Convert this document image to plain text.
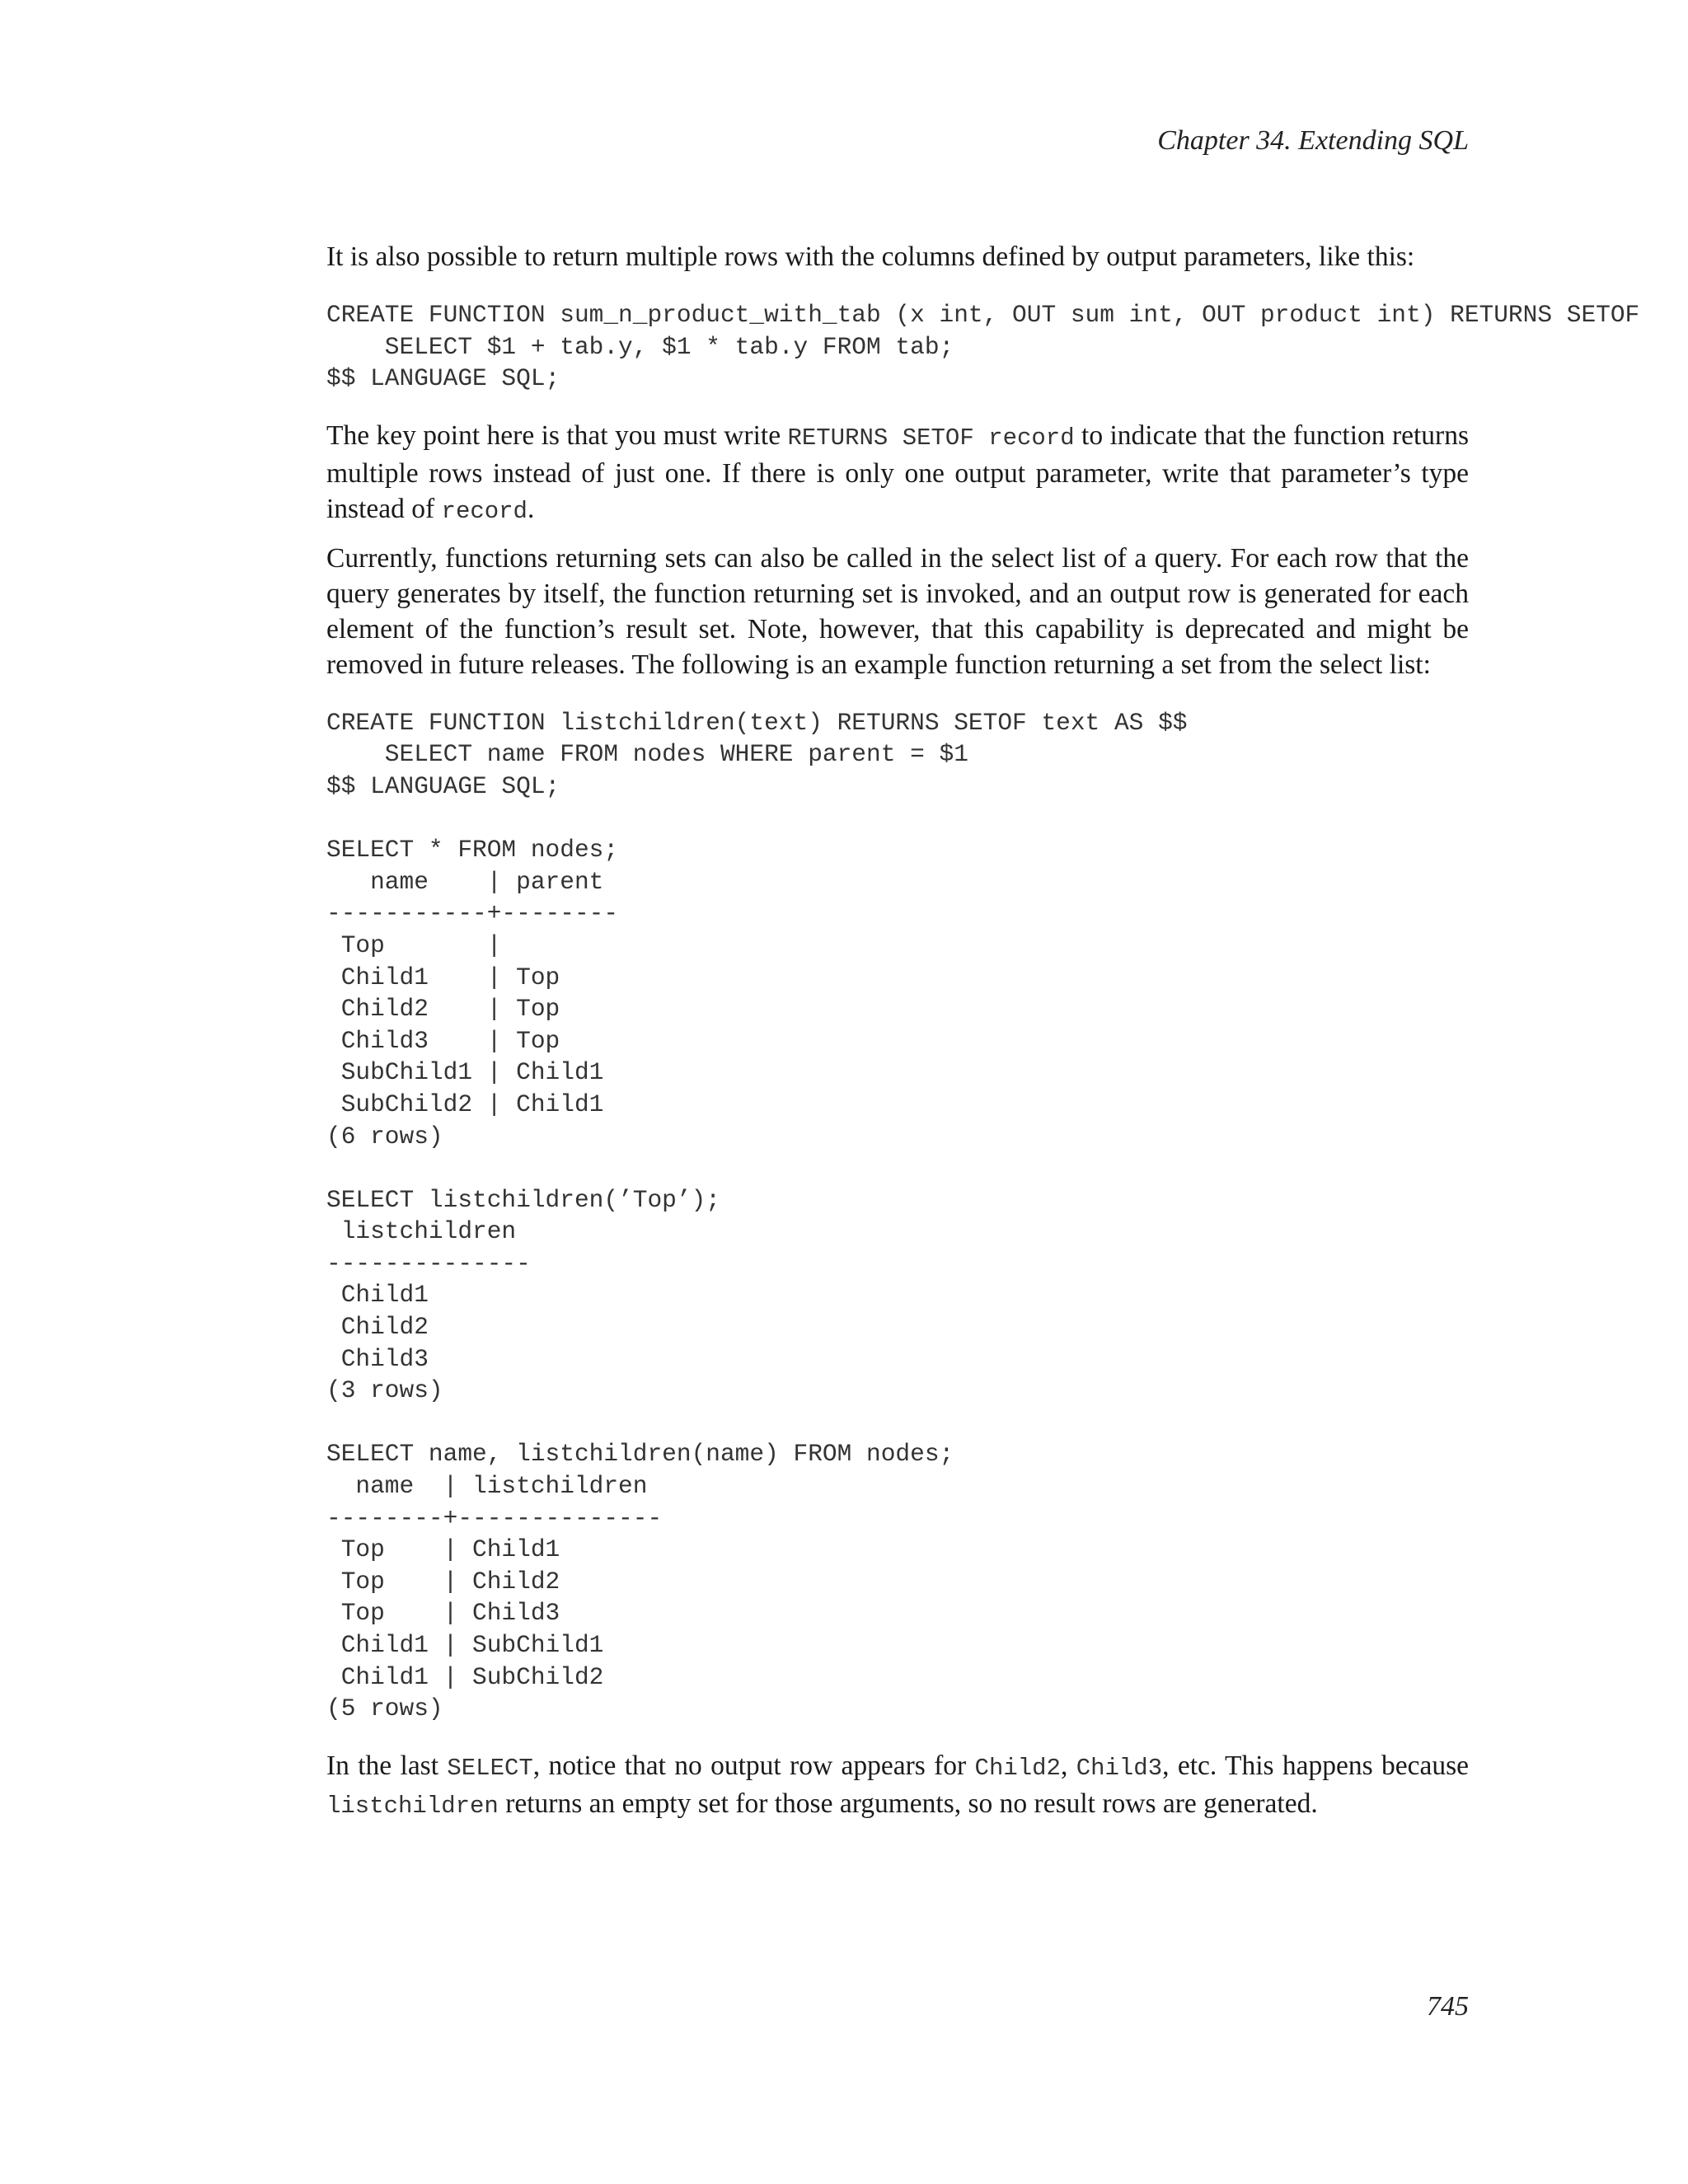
Chapter 34. Extending SQL

It is also possible to return multiple rows with the columns defined by output parameters, like this:

CREATE FUNCTION sum_n_product_with_tab (x int, OUT sum int, OUT product int) RETURNS SETOF
SELECT $1 + tab.y, $1 * tab.y FROM tab;
$$ LANGUAGE SQL;

The key point here is that you must write RETURNS SETOF record to indicate that the function returns multiple rows instead of just one. If there is only one output parameter, write that parameter’s type instead of record.

Currently, functions returning sets can also be called in the select list of a query. For each row that the query generates by itself, the function returning set is invoked, and an output row is generated for each element of the function’s result set. Note, however, that this capability is deprecated and might be removed in future releases. The following is an example function returning a set from the select list:

CREATE FUNCTION listchildren(text) RETURNS SETOF text AS $$
SELECT name FROM nodes WHERE parent = $1
$$ LANGUAGE SQL;

SELECT * FROM nodes;
name    | parent
-----------+--------
Top       |
Child1    | Top
Child2    | Top
Child3    | Top
SubChild1 | Child1
SubChild2 | Child1
(6 rows)

SELECT listchildren(’Top’);
listchildren
--------------
Child1
Child2
Child3
(3 rows)

SELECT name, listchildren(name) FROM nodes;
name  | listchildren
--------+--------------
Top    | Child1
Top    | Child2
Top    | Child3
Child1 | SubChild1
Child1 | SubChild2
(5 rows)

In the last SELECT, notice that no output row appears for Child2, Child3, etc. This happens because listchildren returns an empty set for those arguments, so no result rows are generated.

745
